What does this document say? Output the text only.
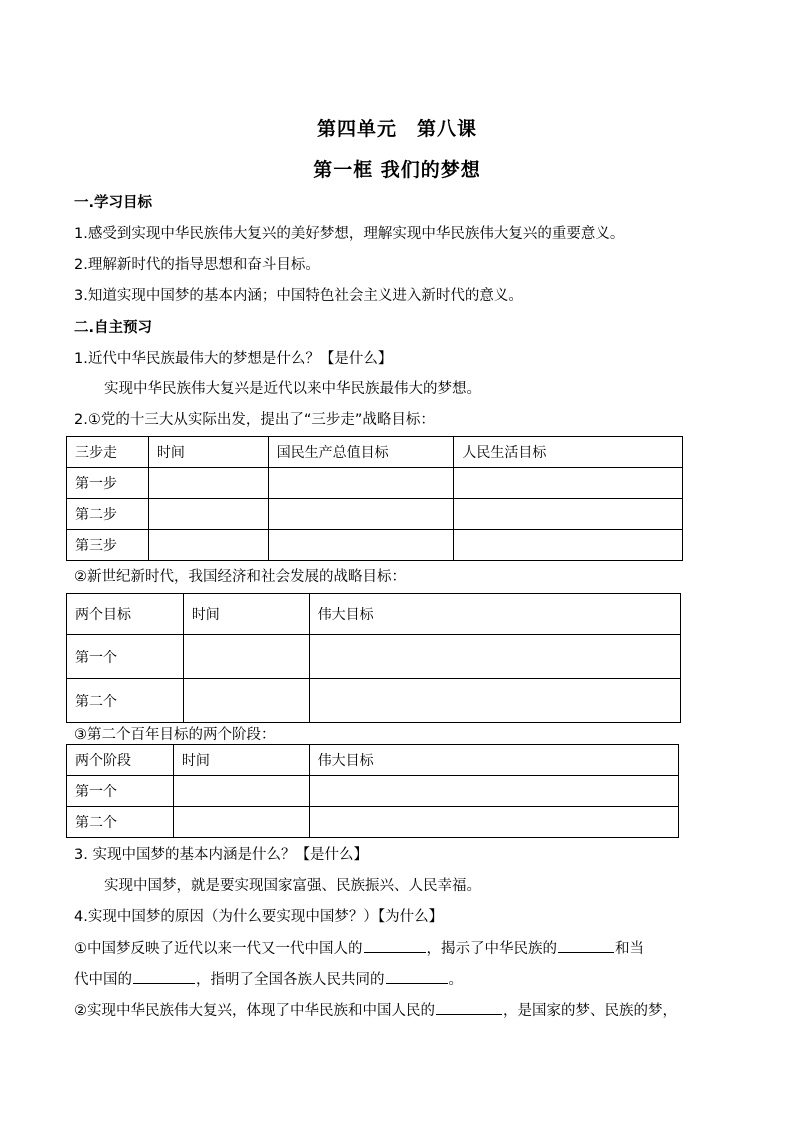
第四单元　第八课
第一框 我们的梦想
一.学习目标
1.感受到实现中华民族伟大复兴的美好梦想，理解实现中华民族伟大复兴的重要意义。
2.理解新时代的指导思想和奋斗目标。
3.知道实现中国梦的基本内涵；中国特色社会主义进入新时代的意义。
二.自主预习
1.近代中华民族最伟大的梦想是什么？【是什么】
实现中华民族伟大复兴是近代以来中华民族最伟大的梦想。
2.①党的十三大从实际出发，提出了“三步走”战略目标：
三步走	时间	国民生产总值目标	人民生活目标
第一步			
第二步			
第三步			
②新世纪新时代，我国经济和社会发展的战略目标：
两个目标	时间	伟大目标
第一个		
第二个		
③第二个百年目标的两个阶段：
两个阶段	时间	伟大目标
第一个		
第二个		
3. 实现中国梦的基本内涵是什么？【是什么】
实现中国梦，就是要实现国家富强、民族振兴、人民幸福。
4.实现中国梦的原因（为什么要实现中国梦？）【为什么】
①中国梦反映了近代以来一代又一代中国人的	，揭示了中华民族的	和当
代中国的	，指明了全国各族人民共同的	。
②实现中华民族伟大复兴，体现了中华民族和中国人民的	，是国家的梦、民族的梦，
